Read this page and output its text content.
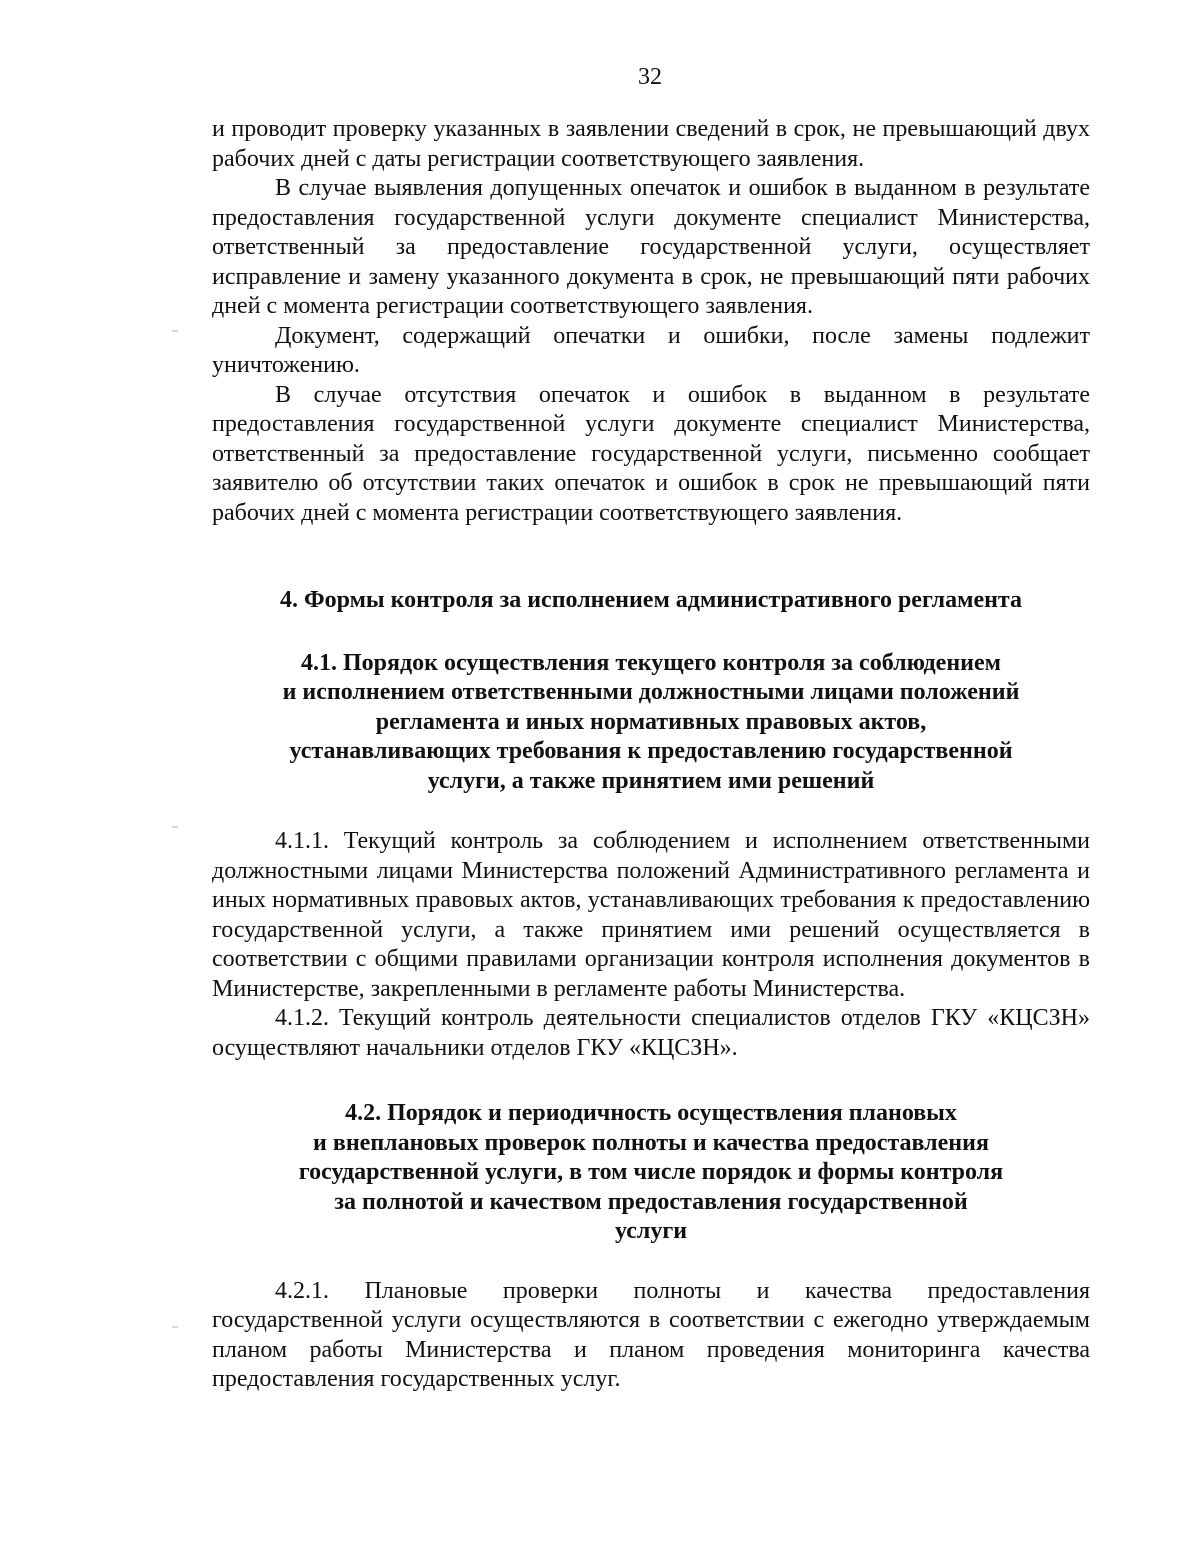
32

и проводит проверку указанных в заявлении сведений в срок, не превышающий двух рабочих дней с даты регистрации соответствующего заявления.

В случае выявления допущенных опечаток и ошибок в выданном в результате предоставления государственной услуги документе специалист Министерства, ответственный за предоставление государственной услуги, осуществляет исправление и замену указанного документа в срок, не превышающий пяти рабочих дней с момента регистрации соответствующего заявления.

Документ, содержащий опечатки и ошибки, после замены подлежит уничтожению.

В случае отсутствия опечаток и ошибок в выданном в результате предоставления государственной услуги документе специалист Министерства, ответственный за предоставление государственной услуги, письменно сообщает заявителю об отсутствии таких опечаток и ошибок в срок не превышающий пяти рабочих дней с момента регистрации соответствующего заявления.

4. Формы контроля за исполнением административного регламента
4.1. Порядок осуществления текущего контроля за соблюдением
и исполнением ответственными должностными лицами положений
регламента и иных нормативных правовых актов,
устанавливающих требования к предоставлению государственной
услуги, а также принятием ими решений

4.1.1. Текущий контроль за соблюдением и исполнением ответственными должностными лицами Министерства положений Административного регламента и иных нормативных правовых актов, устанавливающих требования к предоставлению государственной услуги, а также принятием ими решений осуществляется в соответствии с общими правилами организации контроля исполнения документов в Министерстве, закрепленными в регламенте работы Министерства.

4.1.2. Текущий контроль деятельности специалистов отделов ГКУ «КЦСЗН» осуществляют начальники отделов ГКУ «КЦСЗН».

4.2. Порядок и периодичность осуществления плановых
и внеплановых проверок полноты и качества предоставления
государственной услуги, в том числе порядок и формы контроля
за полнотой и качеством предоставления государственной
услуги

4.2.1. Плановые проверки полноты и качества предоставления государственной услуги осуществляются в соответствии с ежегодно утверждаемым планом работы Министерства и планом проведения мониторинга качества предоставления государственных услуг.
